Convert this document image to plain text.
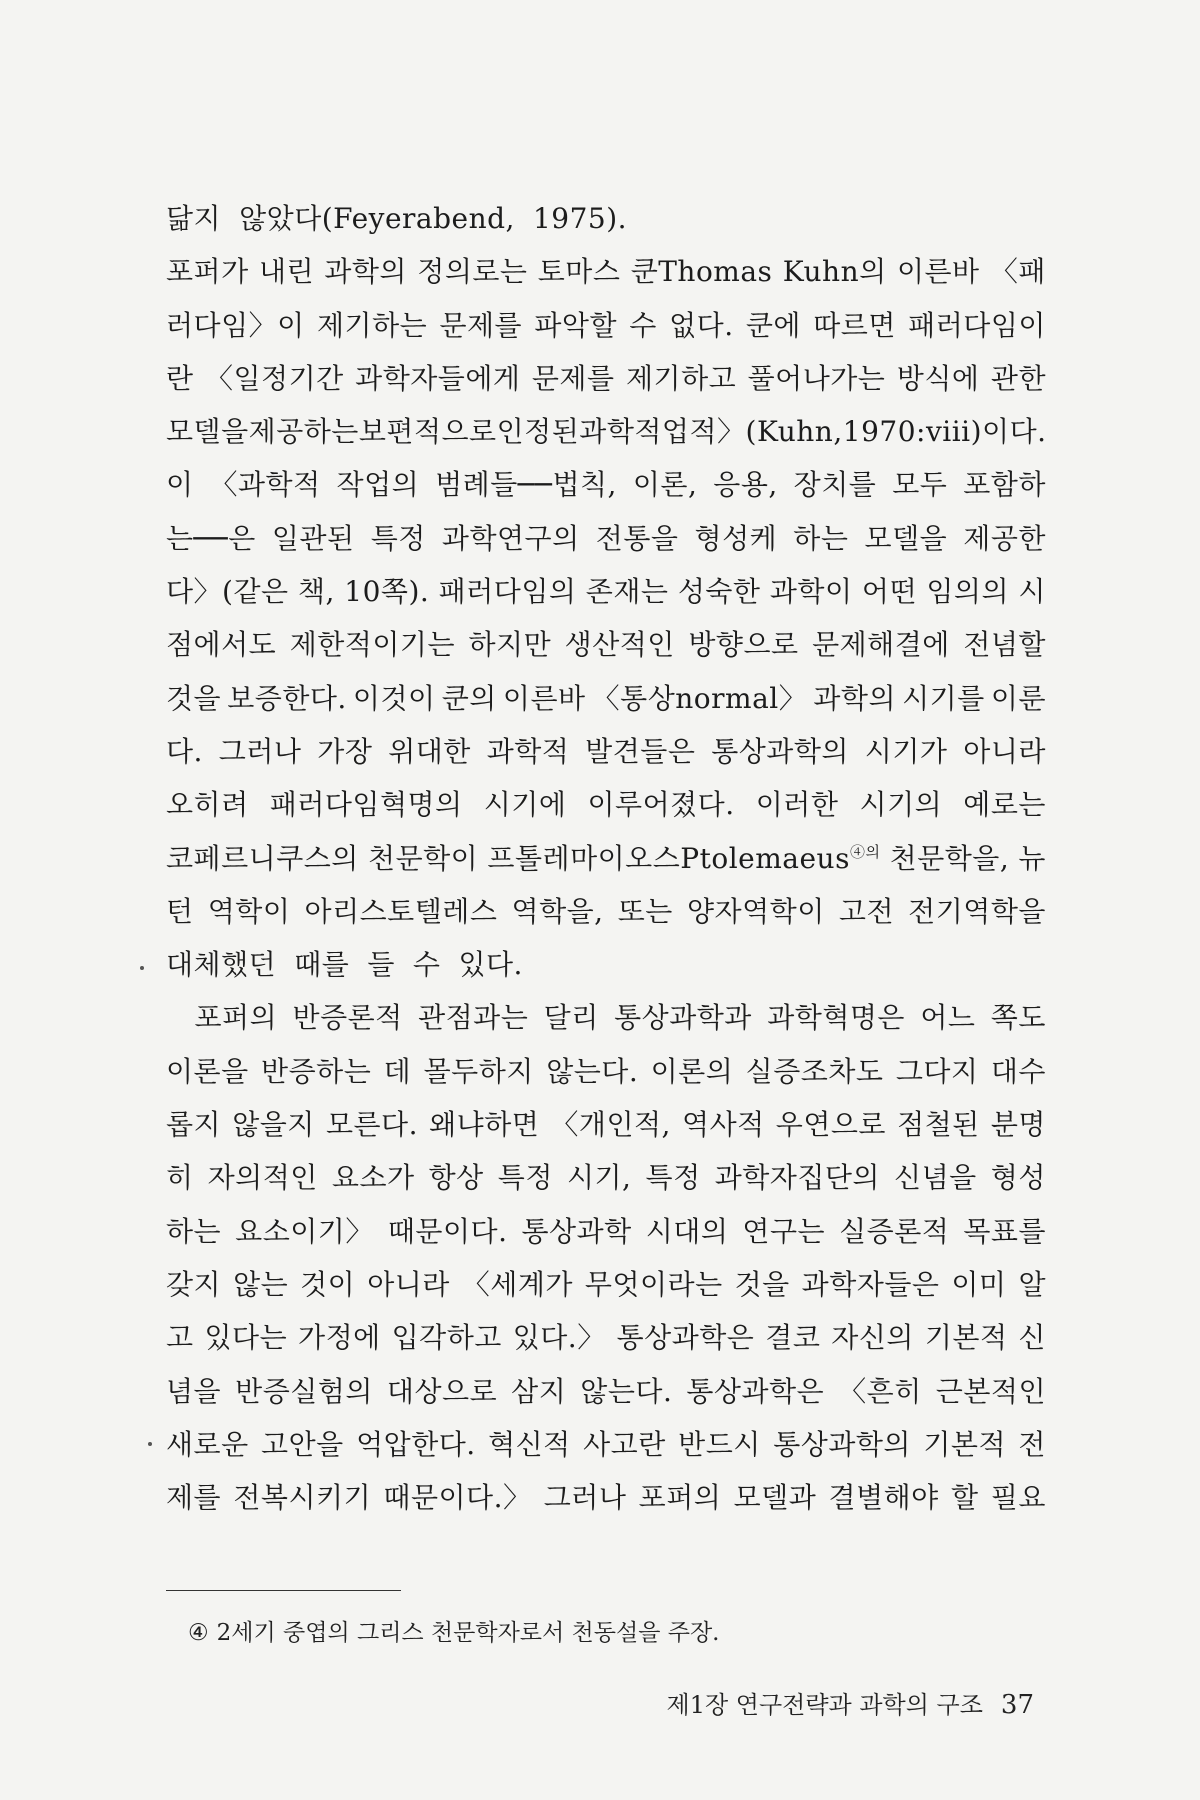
닮지 않았다(Feyerabend, 1975).
포퍼가 내린 과학의 정의로는 토마스 쿤Thomas Kuhn의 이른바 〈패
러다임〉이 제기하는 문제를 파악할 수 없다. 쿤에 따르면 패러다임이
란 〈일정기간 과학자들에게 문제를 제기하고 풀어나가는 방식에 관한
모델을 제공하는 보편적으로 인정된 과학적 업적〉(Kuhn, 1970:viii)이다.
이 〈과학적 작업의 범례들──법칙, 이론, 응용, 장치를 모두 포함하
는──은 일관된 특정 과학연구의 전통을 형성케 하는 모델을 제공한
다〉(같은 책, 10쪽). 패러다임의 존재는 성숙한 과학이 어떤 임의의 시
점에서도 제한적이기는 하지만 생산적인 방향으로 문제해결에 전념할
것을 보증한다. 이것이 쿤의 이른바 〈통상normal〉 과학의 시기를 이룬
다. 그러나 가장 위대한 과학적 발견들은 통상과학의 시기가 아니라
오히려 패러다임혁명의 시기에 이루어졌다. 이러한 시기의 예로는
코페르니쿠스의 천문학이 프톨레마이오스Ptolemaeus④의 천문학을, 뉴
턴 역학이 아리스토텔레스 역학을, 또는 양자역학이 고전 전기역학을
대체했던 때를 들 수 있다.
　포퍼의 반증론적 관점과는 달리 통상과학과 과학혁명은 어느 쪽도
이론을 반증하는 데 몰두하지 않는다. 이론의 실증조차도 그다지 대수
롭지 않을지 모른다. 왜냐하면 〈개인적, 역사적 우연으로 점철된 분명
히 자의적인 요소가 항상 특정 시기, 특정 과학자집단의 신념을 형성
하는 요소이기〉 때문이다. 통상과학 시대의 연구는 실증론적 목표를
갖지 않는 것이 아니라 〈세계가 무엇이라는 것을 과학자들은 이미 알
고 있다는 가정에 입각하고 있다.〉 통상과학은 결코 자신의 기본적 신
념을 반증실험의 대상으로 삼지 않는다. 통상과학은 〈흔히 근본적인
새로운 고안을 억압한다. 혁신적 사고란 반드시 통상과학의 기본적 전
제를 전복시키기 때문이다.〉 그러나 포퍼의 모델과 결별해야 할 필요
④ 2세기 중엽의 그리스 천문학자로서 천동설을 주장.
제1장 연구전략과 과학의 구조 37
